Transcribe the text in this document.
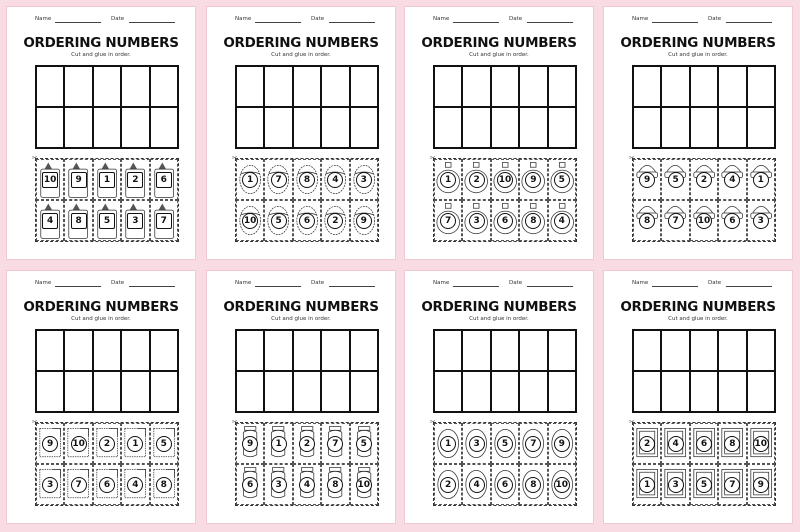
Name	Date
ORDERING NUMBERS
Cut and glue in order.
✂
10	9	1	2	6
4	8	5	3	7
Name	Date
ORDERING NUMBERS
Cut and glue in order.
✂
1	7	8	4	3
10	5	6	2	9
Name	Date
ORDERING NUMBERS
Cut and glue in order.
✂
1	2	10	9	5
7	3	6	8	4
Name	Date
ORDERING NUMBERS
Cut and glue in order.
✂
9	5	2	4	1
8	7	10	6	3
Name	Date
ORDERING NUMBERS
Cut and glue in order.
✂
9	10	2	1	5
3	7	6	4	8
Name	Date
ORDERING NUMBERS
Cut and glue in order.
✂
9	1	2	7	5
6	3	4	8	10
Name	Date
ORDERING NUMBERS
Cut and glue in order.
✂
1	3	5	7	9
2	4	6	8	10
Name	Date
ORDERING NUMBERS
Cut and glue in order.
✂
2	4	6	8	10
1	3	5	7	9
